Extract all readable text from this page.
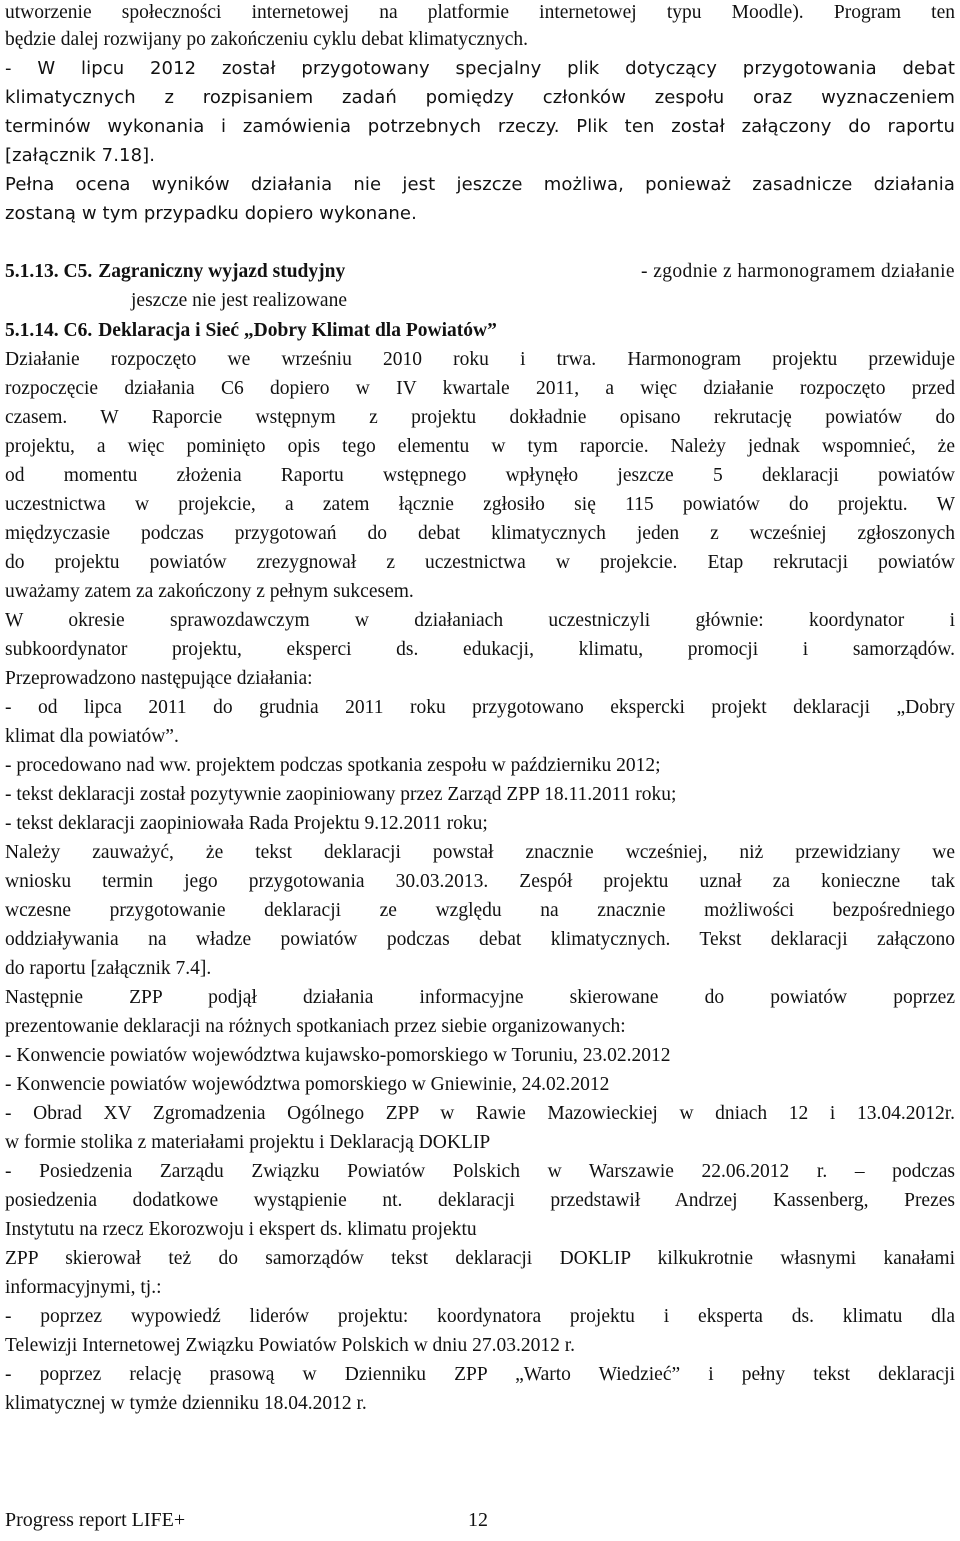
utworzenie społeczności internetowej na platformie internetowej typu Moodle). Program ten
będzie dalej rozwijany po zakończeniu cyklu debat klimatycznych.
- W lipcu 2012 został przygotowany specjalny plik dotyczący przygotowania debat
klimatycznych z rozpisaniem zadań pomiędzy członków zespołu oraz wyznaczeniem
terminów wykonania i zamówienia potrzebnych rzeczy. Plik ten został załączony do raportu
[załącznik 7.18].
Pełna ocena wyników działania nie jest jeszcze możliwa, ponieważ zasadnicze działania
zostaną w tym przypadku dopiero wykonane.
5.1.13. C5. Zagraniczny wyjazd studyjny	- zgodnie z harmonogramem działanie
jeszcze nie jest realizowane
5.1.14. C6. Deklaracja i Sieć „Dobry Klimat dla Powiatów”
Działanie rozpoczęto we wrześniu 2010 roku i trwa. Harmonogram projektu przewiduje
rozpoczęcie działania C6 dopiero w IV kwartale 2011, a więc działanie rozpoczęto przed
czasem. W Raporcie wstępnym z projektu dokładnie opisano rekrutację powiatów do
projektu, a więc pominięto opis tego elementu w tym raporcie. Należy jednak wspomnieć, że
od momentu złożenia Raportu wstępnego wpłynęło jeszcze 5 deklaracji powiatów
uczestnictwa w projekcie, a zatem łącznie zgłosiło się 115 powiatów do projektu. W
międzyczasie podczas przygotowań do debat klimatycznych jeden z wcześniej zgłoszonych
do projektu powiatów zrezygnował z uczestnictwa w projekcie. Etap rekrutacji powiatów
uważamy zatem za zakończony z pełnym sukcesem.
W okresie sprawozdawczym w działaniach uczestniczyli głównie: koordynator i
subkoordynator projektu, eksperci ds. edukacji, klimatu, promocji i samorządów.
Przeprowadzono następujące działania:
- od lipca 2011 do grudnia 2011 roku przygotowano ekspercki projekt deklaracji „Dobry
klimat dla powiatów”.
- procedowano nad ww. projektem podczas spotkania zespołu w październiku 2012;
- tekst deklaracji został pozytywnie zaopiniowany przez Zarząd ZPP 18.11.2011 roku;
- tekst deklaracji zaopiniowała Rada Projektu 9.12.2011 roku;
Należy zauważyć, że tekst deklaracji powstał znacznie wcześniej, niż przewidziany we
wniosku termin jego przygotowania 30.03.2013. Zespół projektu uznał za konieczne tak
wczesne przygotowanie deklaracji ze względu na znacznie możliwości bezpośredniego
oddziaływania na władze powiatów podczas debat klimatycznych. Tekst deklaracji załączono
do raportu [załącznik 7.4].
Następnie ZPP podjął działania informacyjne skierowane do powiatów poprzez
prezentowanie deklaracji na różnych spotkaniach przez siebie organizowanych:
- Konwencie powiatów województwa kujawsko-pomorskiego w Toruniu, 23.02.2012
- Konwencie powiatów województwa pomorskiego w Gniewinie, 24.02.2012
- Obrad XV Zgromadzenia Ogólnego ZPP w Rawie Mazowieckiej w dniach 12 i 13.04.2012r.
w formie stolika z materiałami projektu i Deklaracją DOKLIP
- Posiedzenia Zarządu Związku Powiatów Polskich w Warszawie 22.06.2012 r. – podczas
posiedzenia dodatkowe wystąpienie nt. deklaracji przedstawił Andrzej Kassenberg, Prezes
Instytutu na rzecz Ekorozwoju i ekspert ds. klimatu projektu
ZPP skierował też do samorządów tekst deklaracji DOKLIP kilkukrotnie własnymi kanałami
informacyjnymi, tj.:
- poprzez wypowiedź liderów projektu: koordynatora projektu i eksperta ds. klimatu dla
Telewizji Internetowej Związku Powiatów Polskich w dniu 27.03.2012 r.
- poprzez relację prasową w Dzienniku ZPP „Warto Wiedzieć” i pełny tekst deklaracji
klimatycznej w tymże dzienniku 18.04.2012 r.
Progress report LIFE+	12
